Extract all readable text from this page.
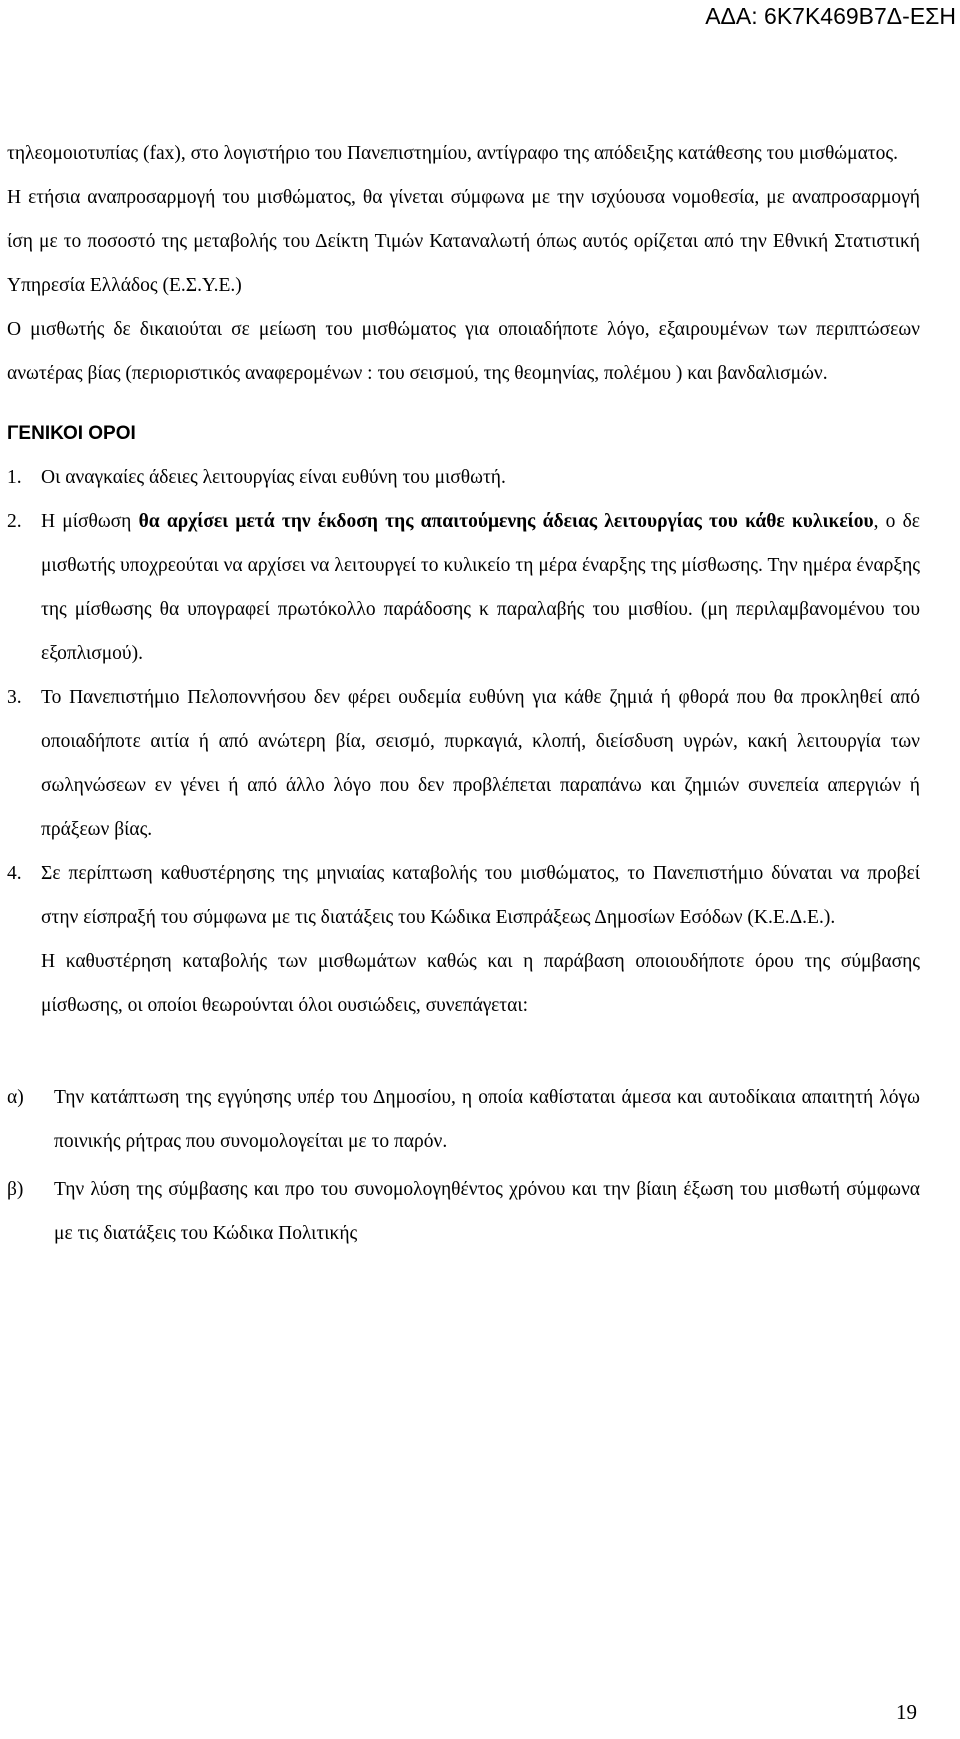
ΑΔΑ: 6Κ7Κ469Β7Δ-ΕΣΗ

τηλεομοιοτυπίας (fax), στο λογιστήριο του Πανεπιστημίου, αντίγραφο της απόδειξης κατάθεσης του μισθώματος.

Η ετήσια αναπροσαρμογή του μισθώματος, θα γίνεται σύμφωνα με την ισχύουσα νομοθεσία, με αναπροσαρμογή ίση με το ποσοστό της μεταβολής του Δείκτη Τιμών Καταναλωτή όπως αυτός ορίζεται από την Εθνική Στατιστική Υπηρεσία Ελλάδος (Ε.Σ.Υ.Ε.)

Ο μισθωτής δε δικαιούται σε μείωση του μισθώματος για οποιαδήποτε λόγο, εξαιρουμένων των περιπτώσεων ανωτέρας βίας (περιοριστικός αναφερομένων : του σεισμού, της θεομηνίας, πολέμου ) και βανδαλισμών.

ΓΕΝΙΚΟΙ ΟΡΟΙ
1. Οι αναγκαίες άδειες λειτουργίας είναι ευθύνη του μισθωτή.
2. Η μίσθωση θα αρχίσει μετά την έκδοση της απαιτούμενης άδειας λειτουργίας του κάθε κυλικείου, ο δε μισθωτής υποχρεούται να αρχίσει να λειτουργεί το κυλικείο τη μέρα έναρξης της μίσθωσης. Την ημέρα έναρξης της μίσθωσης θα υπογραφεί πρωτόκολλο παράδοσης κ παραλαβής του μισθίου. (μη περιλαμβανομένου του εξοπλισμού).
3. Το Πανεπιστήμιο Πελοποννήσου δεν φέρει ουδεμία ευθύνη για κάθε ζημιά ή φθορά που θα προκληθεί από οποιαδήποτε αιτία ή από ανώτερη βία, σεισμό, πυρκαγιά, κλοπή, διείσδυση υγρών, κακή λειτουργία των σωληνώσεων εν γένει ή από άλλο λόγο που δεν προβλέπεται παραπάνω και ζημιών συνεπεία απεργιών ή πράξεων βίας.
4. Σε περίπτωση καθυστέρησης της μηνιαίας καταβολής του μισθώματος, το Πανεπιστήμιο δύναται να προβεί στην είσπραξή του σύμφωνα με τις διατάξεις του Κώδικα Εισπράξεως Δημοσίων Εσόδων (Κ.Ε.Δ.Ε.).
Η καθυστέρηση καταβολής των μισθωμάτων καθώς και η παράβαση οποιουδήποτε όρου της σύμβασης μίσθωσης, οι οποίοι θεωρούνται όλοι ουσιώδεις, συνεπάγεται:
α)	Την κατάπτωση της εγγύησης υπέρ του Δημοσίου, η οποία καθίσταται άμεσα και αυτοδίκαια απαιτητή λόγω ποινικής ρήτρας που συνομολογείται με το παρόν.
β)	Την λύση της σύμβασης και προ του συνομολογηθέντος χρόνου και την βίαιη έξωση του μισθωτή σύμφωνα με τις διατάξεις του Κώδικα Πολιτικής
19
